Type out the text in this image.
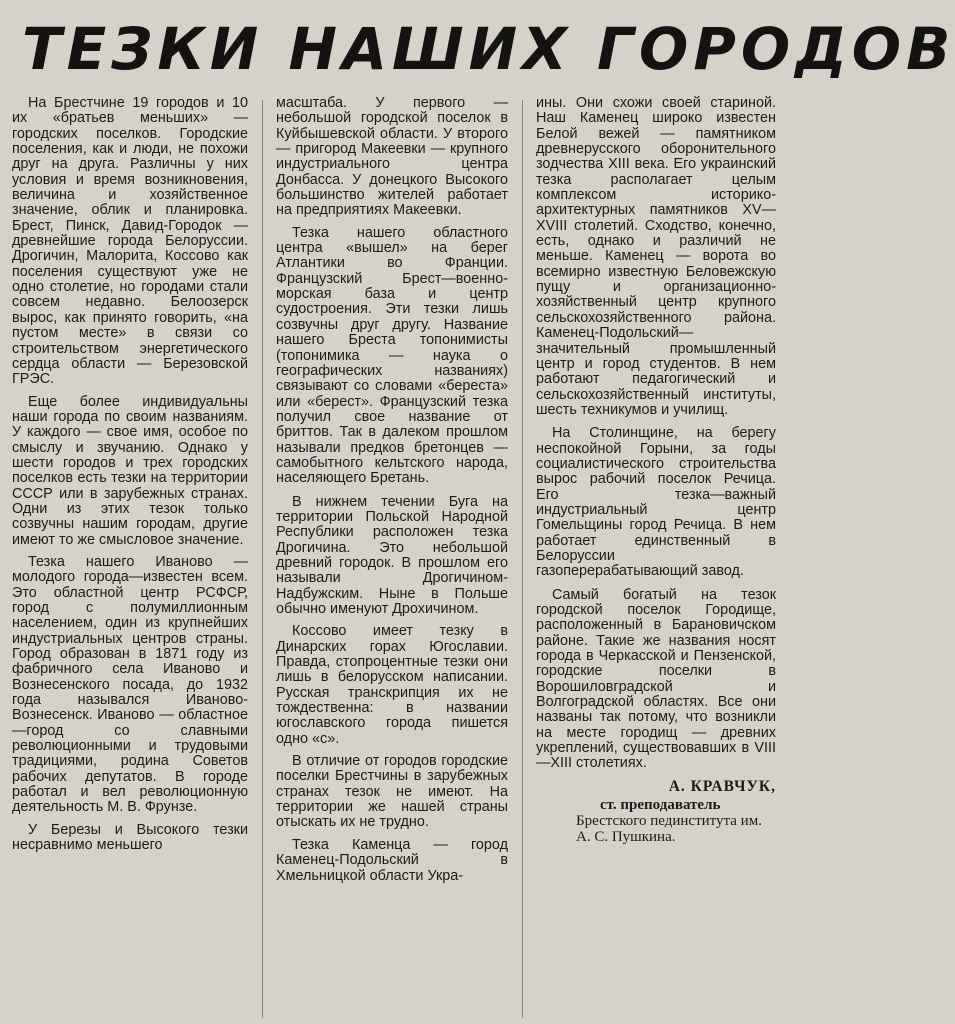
ТЕЗКИ НАШИХ ГОРОДОВ

На Брестчине 19 городов и 10 их «братьев меньших» — городских поселков. Городские поселения, как и люди, не похожи друг на друга. Различны у них условия и время возникновения, величина и хозяйственное значение, облик и планировка. Брест, Пинск, Давид-Городок — древнейшие города Белоруссии. Дрогичин, Малорита, Коссово как поселения существуют уже не одно столетие, но городами стали совсем недавно. Белоозерск вырос, как принято говорить, «на пустом месте» в связи со строительством энергетического сердца области — Березовской ГРЭС.

Еще более индивидуальны наши города по своим названиям. У каждого — свое имя, особое по смыслу и звучанию. Однако у шести городов и трех городских поселков есть тезки на территории СССР или в зарубежных странах. Одни из этих тезок только созвучны нашим городам, другие имеют то же смысловое значение.

Тезка нашего Иваново — молодого города—известен всем. Это областной центр РСФСР, город с полумиллионным населением, один из крупнейших индустриальных центров страны. Город образован в 1871 году из фабричного села Иваново и Вознесенского посада, до 1932 года назывался Иваново-Вознесенск. Иваново — областное—город со славными революционными и трудовыми традициями, родина Советов рабочих депутатов. В городе работал и вел революционную деятельность М. В. Фрунзе.

У Березы и Высокого тезки несравнимо меньшего

масштаба. У первого — небольшой городской поселок в Куйбышевской области. У второго — пригород Макеевки — крупного индустриального центра Донбасса. У донецкого Высокого большинство жителей работает на предприятиях Макеевки.

Тезка нашего областного центра «вышел» на берег Атлантики во Франции. Французский Брест—военно-морская база и центр судостроения. Эти тезки лишь созвучны друг другу. Название нашего Бреста топонимисты (топонимика — наука о географических названиях) связывают со словами «береста» или «берест». Французский тезка получил свое название от бриттов. Так в далеком прошлом называли предков бретонцев — самобытного кельтского народа, населяющего Бретань.

В нижнем течении Буга на территории Польской Народной Республики расположен тезка Дрогичина. Это небольшой древний городок. В прошлом его называли Дрогичином-Надбужским. Ныне в Польше обычно именуют Дрохичином.

Коссово имеет тезку в Динарских горах Югославии. Правда, стопроцентные тезки они лишь в белорусском написании. Русская транскрипция их не тождественна: в названии югославского города пишется одно «с».

В отличие от городов городские поселки Брестчины в зарубежных странах тезок не имеют. На территории же нашей страны отыскать их не трудно.

Тезка Каменца — город Каменец-Подольский в Хмельницкой области Укра-

ины. Они схожи своей стариной. Наш Каменец широко известен Белой вежей — памятником древнерусского оборонительного зодчества XIII века. Его украинский тезка располагает целым комплексом историко-архитектурных памятников XV—XVIII столетий. Сходство, конечно, есть, однако и различий не меньше. Каменец — ворота во всемирно известную Беловежскую пущу и организационно-хозяйственный центр крупного сельскохозяйственного района. Каменец-Подольский—значительный промышленный центр и город студентов. В нем работают педагогический и сельскохозяйственный институты, шесть техникумов и училищ.

На Столинщине, на берегу неспокойной Горыни, за годы социалистического строительства вырос рабочий поселок Речица. Его тезка—важный индустриальный центр Гомельщины город Речица. В нем работает единственный в Белоруссии газоперерабатывающий завод.

Самый богатый на тезок городской поселок Городище, расположенный в Барановичском районе. Такие же названия носят города в Черкасской и Пензенской, городские поселки в Ворошиловградской и Волгоградской областях. Все они названы так потому, что возникли на месте городищ — древних укреплений, существовавших в VIII—XIII столетиях.

А. КРАВЧУК,
ст. преподаватель
Брестского пединститута им. А. С. Пушкина.
